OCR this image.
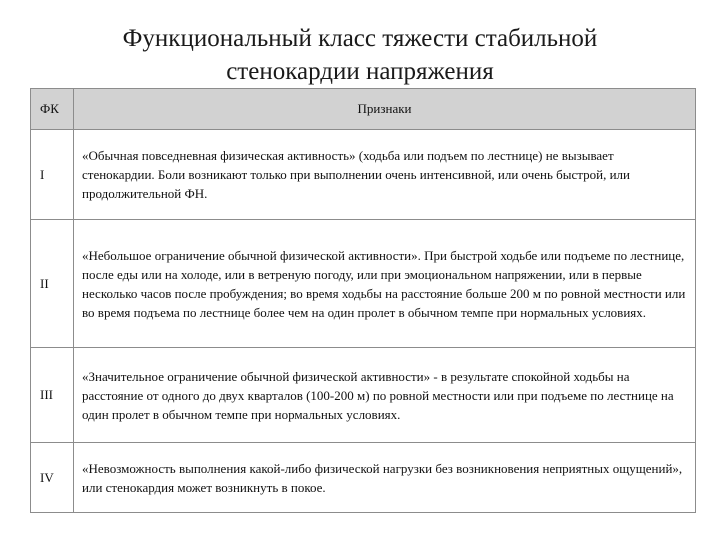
Функциональный класс тяжести стабильной
стенокардии напряжения
ФК	Признаки
I	«Обычная повседневная физическая активность» (ходьба или подъем по лестнице) не вызывает стенокардии. Боли возникают только при выполнении очень интенсивной, или очень быстрой, или продолжительной ФН.
II	«Небольшое ограничение обычной физической активности». При быстрой ходьбе или подъеме по лестнице, после еды или на холоде, или в ветреную погоду, или при эмоциональном напряжении, или в первые несколько часов после пробуждения; во время ходьбы на расстояние больше 200 м по ровной местности или во время подъема по лестнице более чем на один пролет в обычном темпе при нормальных условиях.
III	«Значительное ограничение обычной физической активности» - в результате спокойной ходьбы на расстояние от одного до двух кварталов (100-200 м) по ровной местности или при подъеме по лестнице на один пролет в обычном темпе при нормальных условиях.
IV	«Невозможность выполнения какой-либо физической нагрузки без возникновения неприятных ощущений», или стенокардия может возникнуть в покое.
